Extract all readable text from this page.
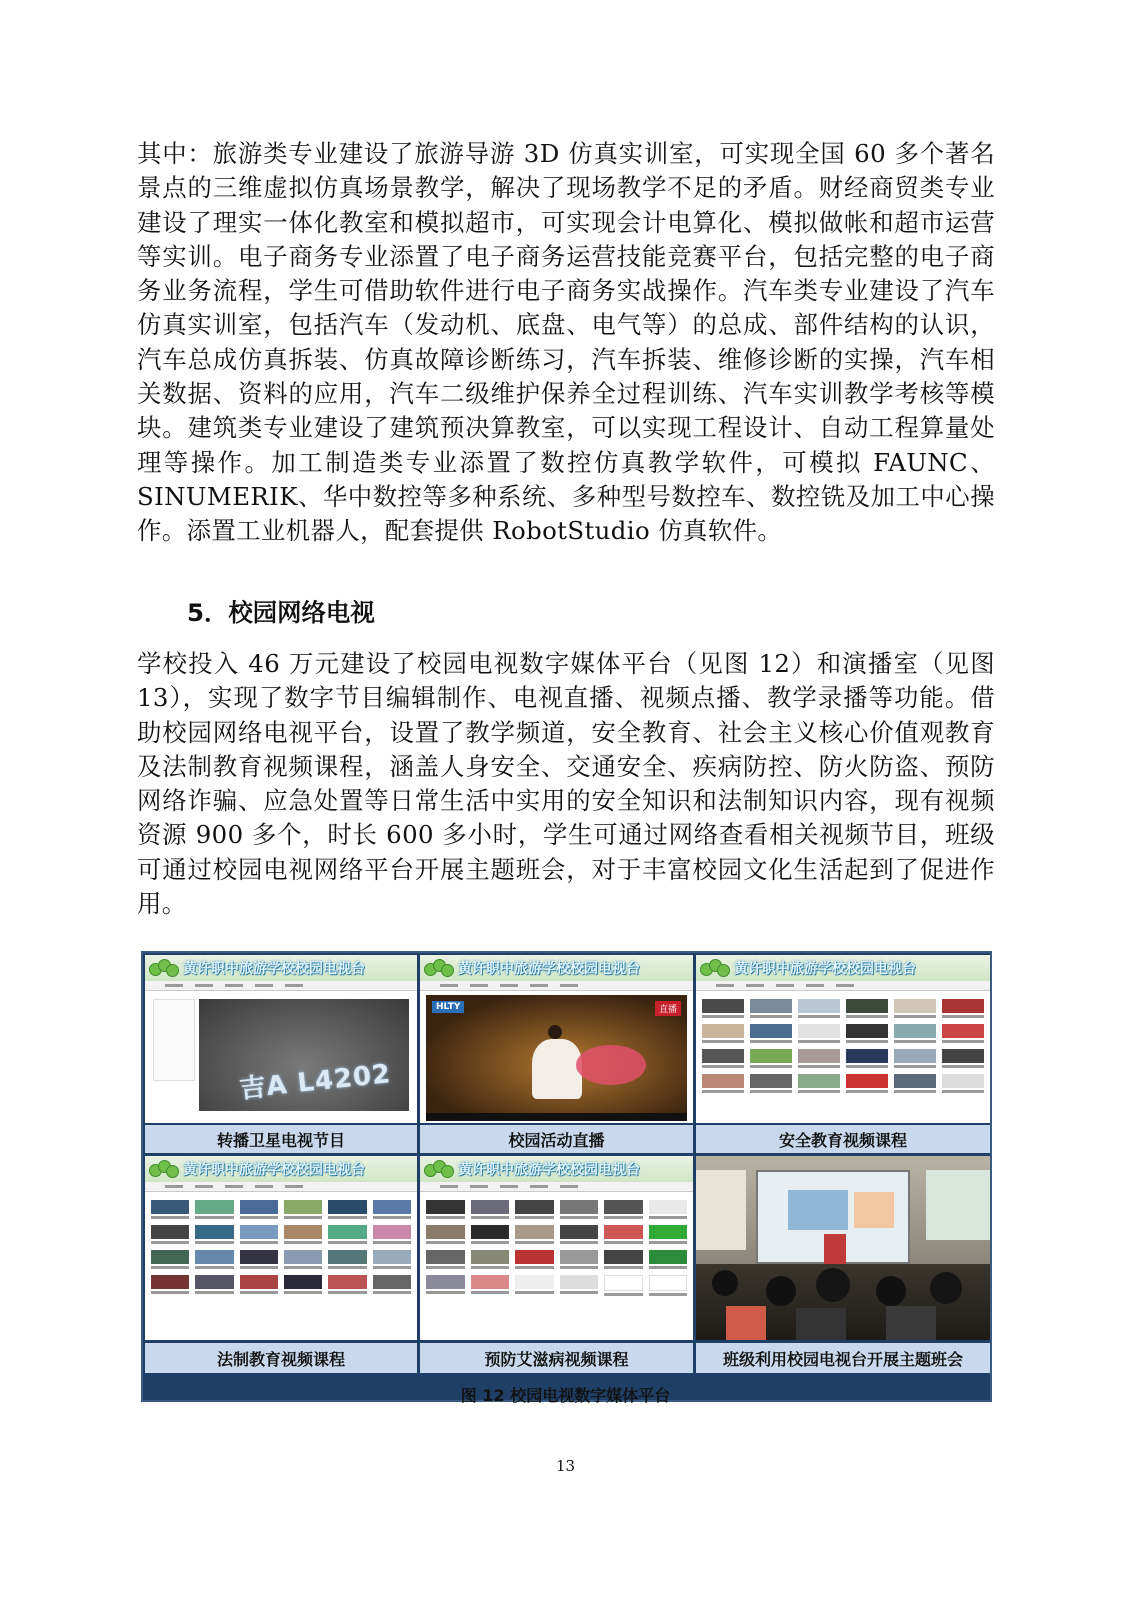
其中：旅游类专业建设了旅游导游 3D 仿真实训室，可实现全国 60 多个著名景点的三维虚拟仿真场景教学，解决了现场教学不足的矛盾。财经商贸类专业建设了理实一体化教室和模拟超市，可实现会计电算化、模拟做帐和超市运营等实训。电子商务专业添置了电子商务运营技能竞赛平台，包括完整的电子商务业务流程，学生可借助软件进行电子商务实战操作。汽车类专业建设了汽车仿真实训室，包括汽车（发动机、底盘、电气等）的总成、部件结构的认识，汽车总成仿真拆装、仿真故障诊断练习，汽车拆装、维修诊断的实操，汽车相关数据、资料的应用，汽车二级维护保养全过程训练、汽车实训教学考核等模块。建筑类专业建设了建筑预决算教室，可以实现工程设计、自动工程算量处理等操作。加工制造类专业添置了数控仿真教学软件，可模拟 FAUNC、SINUMERIK、华中数控等多种系统、多种型号数控车、数控铣及加工中心操作。添置工业机器人，配套提供 RobotStudio 仿真软件。

5．校园网络电视

学校投入 46 万元建设了校园电视数字媒体平台（见图 12）和演播室（见图 13），实现了数字节目编辑制作、电视直播、视频点播、教学录播等功能。借助校园网络电视平台，设置了教学频道，安全教育、社会主义核心价值观教育及法制教育视频课程，涵盖人身安全、交通安全、疾病防控、防火防盗、预防网络诈骗、应急处置等日常生活中实用的安全知识和法制知识内容，现有视频资源 900 多个，时长 600 多小时，学生可通过网络查看相关视频节目，班级可通过校园电视网络平台开展主题班会，对于丰富校园文化生活起到了促进作用。

黄许职中旅游学校校园电视台
吉A L4202
转播卫星电视节目
黄许职中旅游学校校园电视台
HLTY	直播
校园活动直播
黄许职中旅游学校校园电视台
安全教育视频课程
黄许职中旅游学校校园电视台
法制教育视频课程
黄许职中旅游学校校园电视台
预防艾滋病视频课程	班级利用校园电视台开展主题班会
图 12 校园电视数字媒体平台
13
